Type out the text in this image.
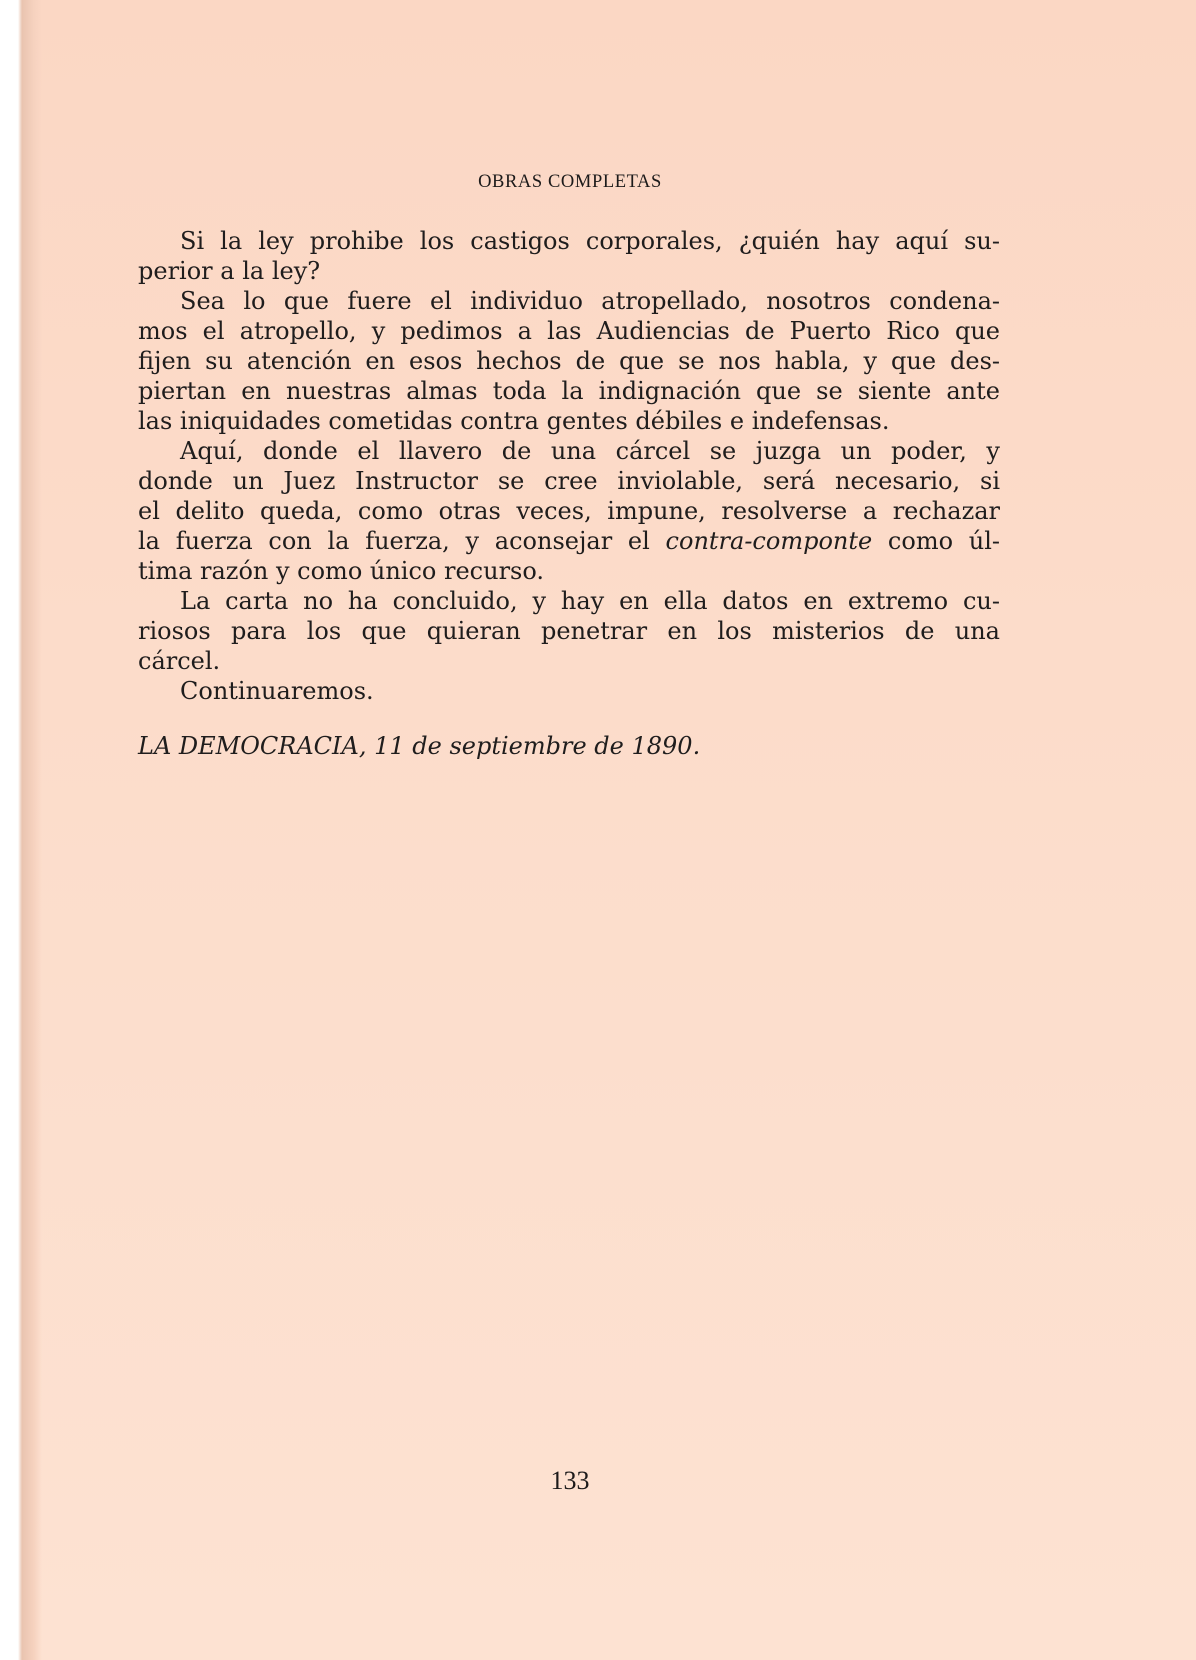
OBRAS COMPLETAS
Si la ley prohibe los castigos corporales, ¿quién hay aquí su-
perior a la ley?
Sea lo que fuere el individuo atropellado, nosotros condena-
mos el atropello, y pedimos a las Audiencias de Puerto Rico que
fijen su atención en esos hechos de que se nos habla, y que des-
piertan en nuestras almas toda la indignación que se siente ante
las iniquidades cometidas contra gentes débiles e indefensas.
Aquí, donde el llavero de una cárcel se juzga un poder, y
donde un Juez Instructor se cree inviolable, será necesario, si
el delito queda, como otras veces, impune, resolverse a rechazar
la fuerza con la fuerza, y aconsejar el contra-componte como úl-
tima razón y como único recurso.
La carta no ha concluido, y hay en ella datos en extremo cu-
riosos para los que quieran penetrar en los misterios de una
cárcel.
Continuaremos.
LA DEMOCRACIA, 11 de septiembre de 1890.
133
